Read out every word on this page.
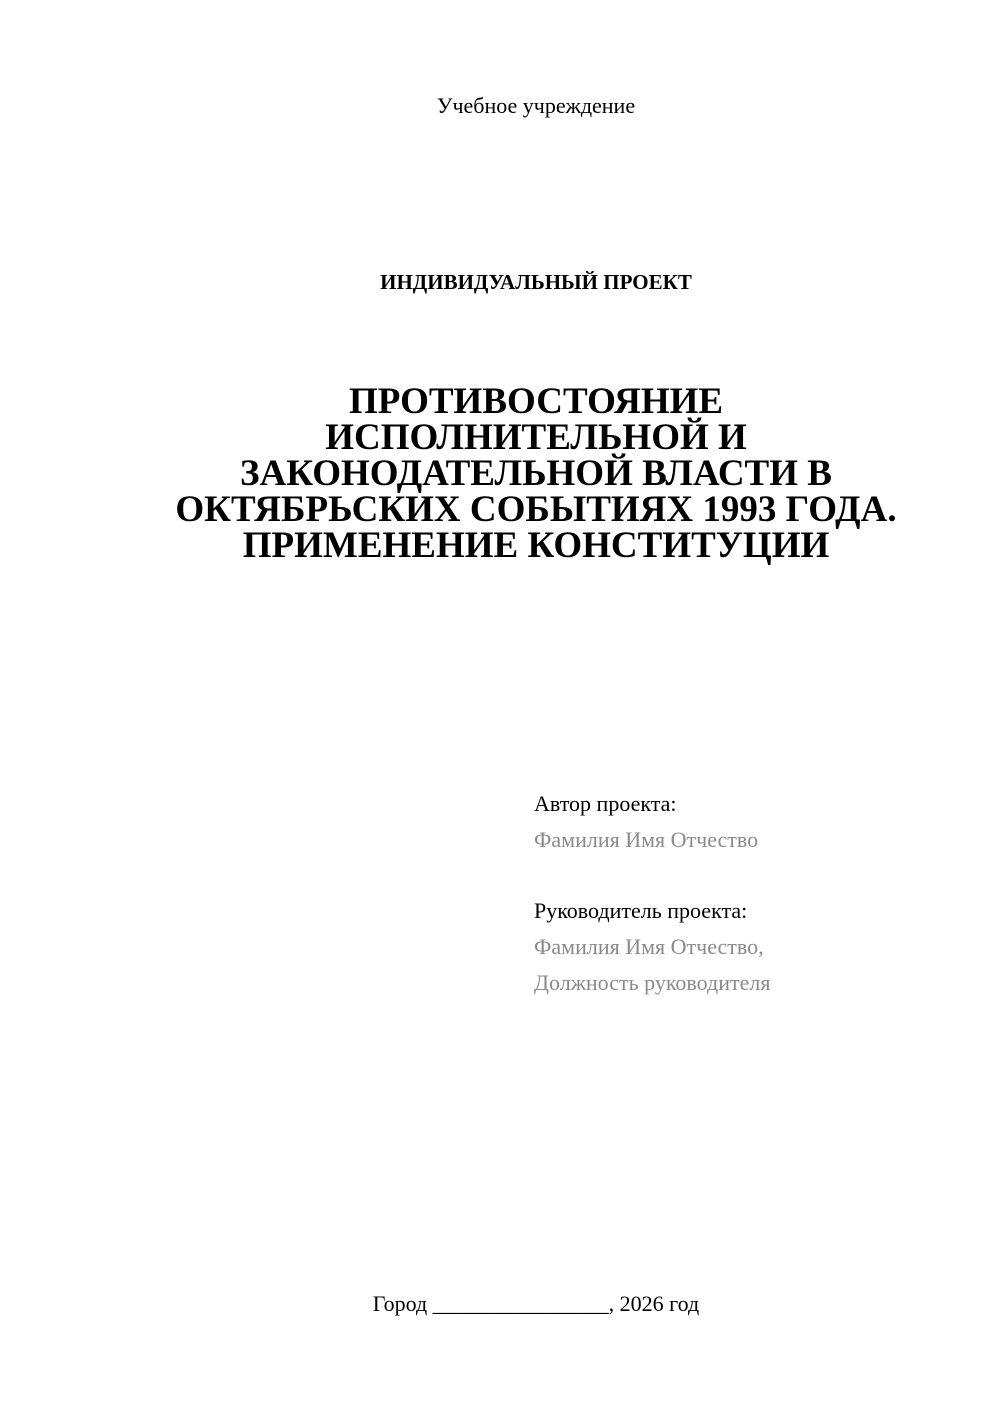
Учебное учреждение
ИНДИВИДУАЛЬНЫЙ ПРОЕКТ
ПРОТИВОСТОЯНИЕ
ИСПОЛНИТЕЛЬНОЙ И
ЗАКОНОДАТЕЛЬНОЙ ВЛАСТИ В
ОКТЯБРЬСКИХ СОБЫТИЯХ 1993 ГОДА.
ПРИМЕНЕНИЕ КОНСТИТУЦИИ
Автор проекта:
Фамилия Имя Отчество
Руководитель проекта:
Фамилия Имя Отчество,
Должность руководителя
Город ________________, 2026 год
